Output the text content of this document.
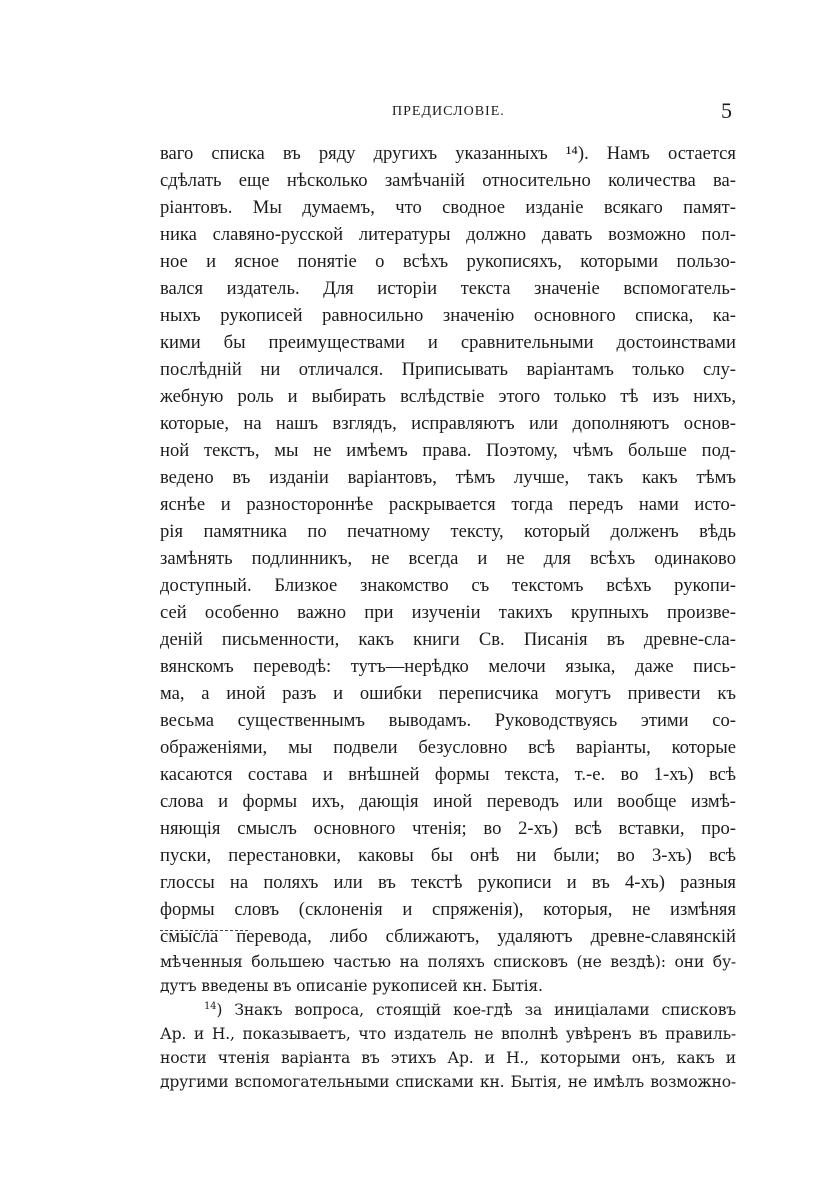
ПРЕДИСЛОВІЕ.	5
ваго списка въ ряду другихъ указанныхъ ¹⁴). Намъ остается
сдѣлать еще нѣсколько замѣчаній относительно количества ва-
ріантовъ. Мы думаемъ, что сводное изданіе всякаго памят-
ника славяно-русской литературы должно давать возможно пол-
ное и ясное понятіе о всѣхъ рукописяхъ, которыми пользо-
вался издатель. Для исторіи текста значеніе вспомогатель-
ныхъ рукописей равносильно значенію основного списка, ка-
кими бы преимуществами и сравнительными достоинствами
послѣдній ни отличался. Приписывать варіантамъ только слу-
жебную роль и выбирать вслѣдствіе этого только тѣ изъ нихъ,
которые, на нашъ взглядъ, исправляютъ или дополняютъ основ-
ной текстъ, мы не имѣемъ права. Поэтому, чѣмъ больше под-
ведено въ изданіи варіантовъ, тѣмъ лучше, такъ какъ тѣмъ
яснѣе и разностороннѣе раскрывается тогда передъ нами исто-
рія памятника по печатному тексту, который долженъ вѣдь
замѣнять подлинникъ, не всегда и не для всѣхъ одинаково
доступный. Близкое знакомство съ текстомъ всѣхъ рукопи-
сей особенно важно при изученіи такихъ крупныхъ произве-
деній письменности, какъ книги Св. Писанія въ древне-сла-
вянскомъ переводѣ: тутъ—нерѣдко мелочи языка, даже пись-
ма, а иной разъ и ошибки переписчика могутъ привести къ
весьма существеннымъ выводамъ. Руководствуясь этими со-
ображеніями, мы подвели безусловно всѣ варіанты, которые
касаются состава и внѣшней формы текста, т.-е. во 1-хъ) всѣ
слова и формы ихъ, дающія иной переводъ или вообще измѣ-
няющія смыслъ основного чтенія; во 2-хъ) всѣ вставки, про-
пуски, перестановки, каковы бы онѣ ни были; во 3-хъ) всѣ
глоссы на поляхъ или въ текстѣ рукописи и въ 4-хъ) разныя
формы словъ (склоненія и спряженія), которыя, не измѣняя
смысла перевода, либо сближаютъ, удаляютъ древне-славянскій
мѣченныя большею частью на поляхъ списковъ (не вездѣ): они бу-
дутъ введены въ описаніе рукописей кн. Бытія.
$^{14}$) Знакъ вопроса, стоящій кое-гдѣ за иниціалами списковъ
Ар. и Н., показываетъ, что издатель не вполнѣ увѣренъ въ правиль-
ности чтенія варіанта въ этихъ Ар. и Н., которыми онъ, какъ и
другими вспомогательными списками кн. Бытія, не имѣлъ возможно-
